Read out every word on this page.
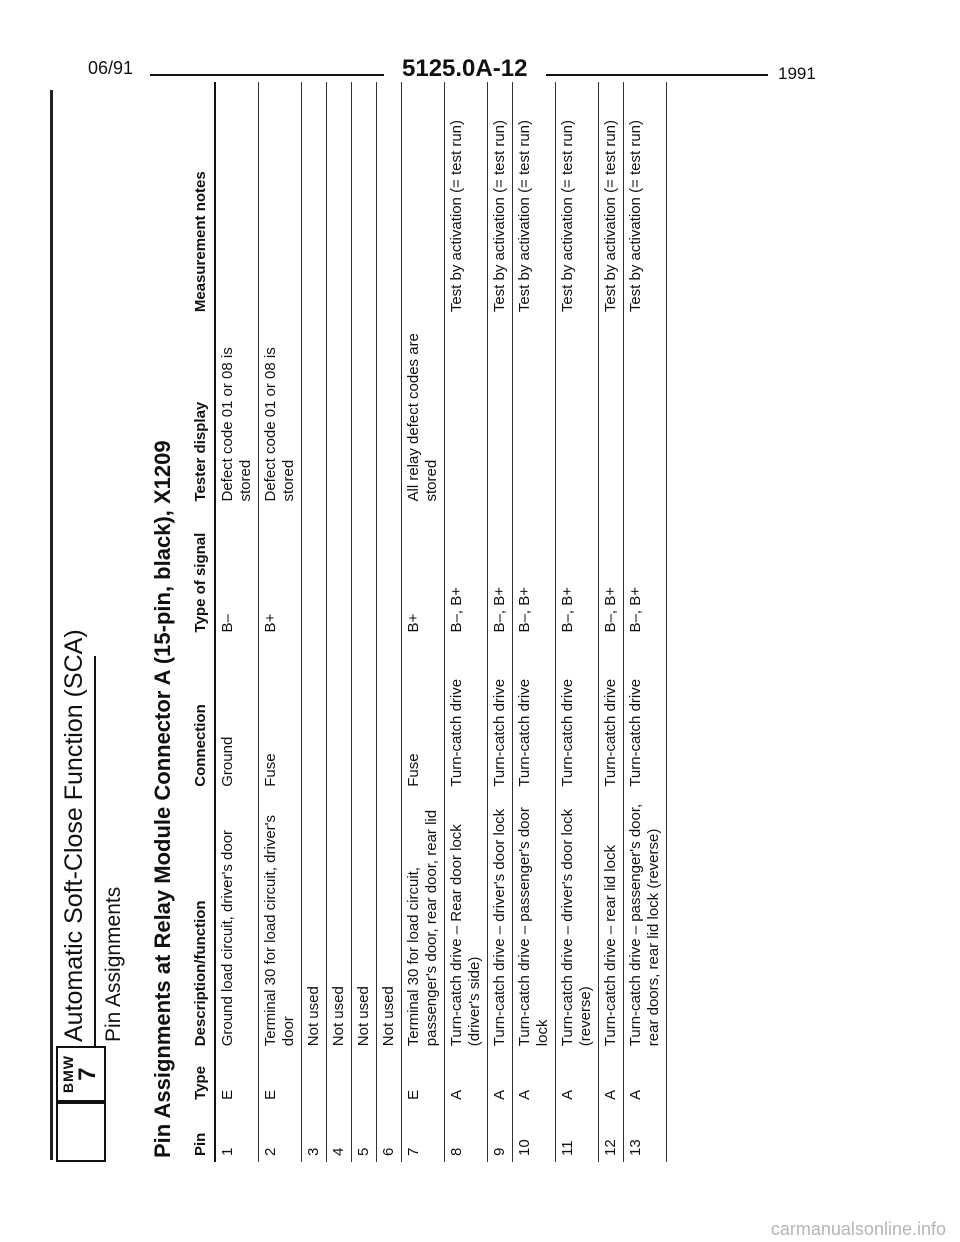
06/91	5125.0A-12	1991
BMW
7
Automatic Soft-Close Function (SCA) Pin Assignments Pin Assignments at Relay Module Connector A (15-pin, black), X1209 Pin	Type	Description/function	Connection	Type of signal	Tester display	Measurement notes
1	E	Ground load circuit, driver's door	Ground	B–	Defect code 01 or 08 is stored	
2	E	Terminal 30 for load circuit, driver's door	Fuse	B+	Defect code 01 or 08 is stored	
3		Not used				
4		Not used				
5		Not used				
6		Not used				
7	E	Terminal 30 for load circuit, passenger's door, rear door, rear lid	Fuse	B+	All relay defect codes are stored	
8	A	Turn-catch drive – Rear door lock (driver's side)	Turn-catch drive	B–, B+		Test by activation (= test run)
9	A	Turn-catch drive – driver's door lock	Turn-catch drive	B–, B+		Test by activation (= test run)
10	A	Turn-catch drive – passenger's door lock	Turn-catch drive	B–, B+		Test by activation (= test run)
11	A	Turn-catch drive – driver's door lock (reverse)	Turn-catch drive	B–, B+		Test by activation (= test run)
12	A	Turn-catch drive – rear lid lock	Turn-catch drive	B–, B+		Test by activation (= test run)
13	A	Turn-catch drive – passenger's door, rear doors, rear lid lock (reverse)	Turn-catch drive	B–, B+		Test by activation (= test run)
carmanualsonline.info
